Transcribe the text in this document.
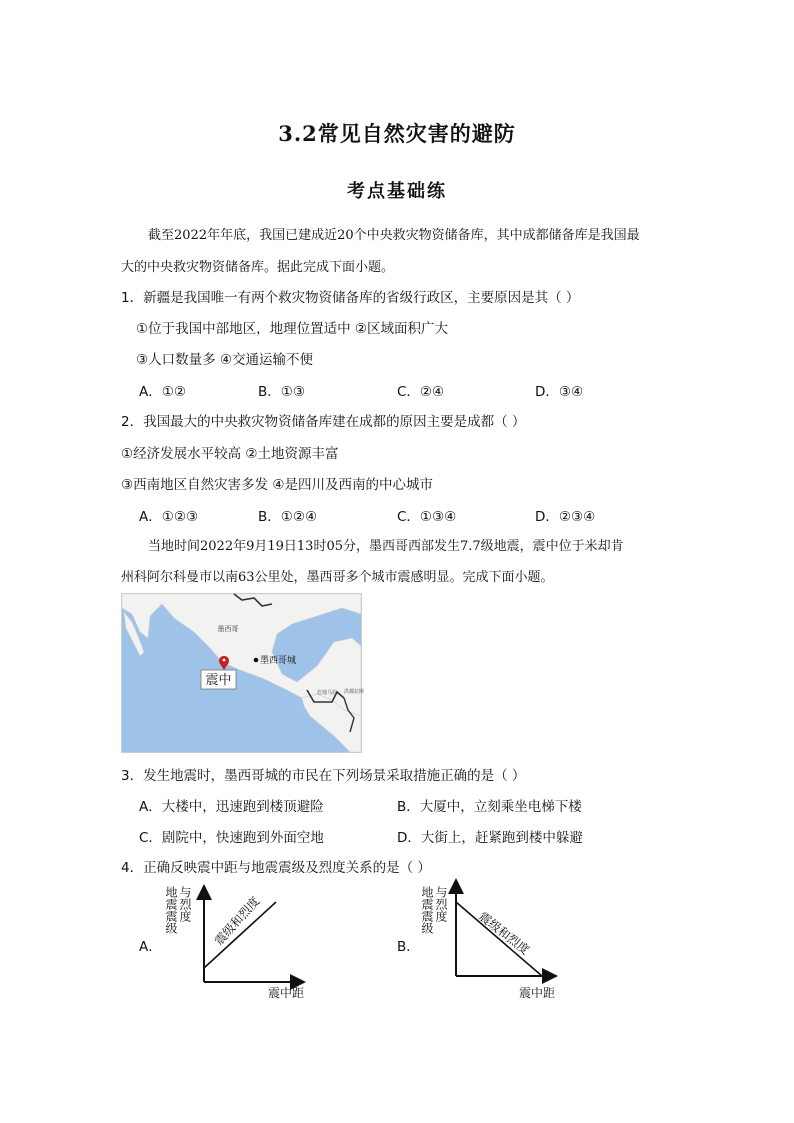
3.2常见自然灾害的避防
考点基础练
截至2022年年底，我国已建成近20个中央救灾物资储备库，其中成都储备库是我国最
大的中央救灾物资储备库。据此完成下面小题。
1．新疆是我国唯一有两个救灾物资储备库的省级行政区，主要原因是其（ ）
①位于我国中部地区，地理位置适中 ②区域面积广大
③人口数量多 ④交通运输不便
A．①②	B．①③	C．②④	D．③④
2．我国最大的中央救灾物资储备库建在成都的原因主要是成都（ ）
①经济发展水平较高 ②土地资源丰富
③西南地区自然灾害多发 ④是四川及西南的中心城市
A．①②③	B．①②④	C．①③④	D．②③④
当地时间2022年9月19日13时05分，墨西哥西部发生7.7级地震，震中位于米却肯
州科阿尔科曼市以南63公里处，墨西哥多个城市震感明显。完成下面小题。
震中
墨西哥
墨西哥城
危地马拉 洪都拉斯
3．发生地震时，墨西哥城的市民在下列场景采取措施正确的是（ ）
A．大楼中，迅速跑到楼顶避险	B．大厦中，立刻乘坐电梯下楼
C．剧院中，快速跑到外面空地	D．大街上，赶紧跑到楼中躲避
4．正确反映震中距与地震震级及烈度关系的是（ ）
A．
地震震级 与烈度 震级和烈度
震中距
B．
地震震级 与烈度
震级和烈度
震中距
